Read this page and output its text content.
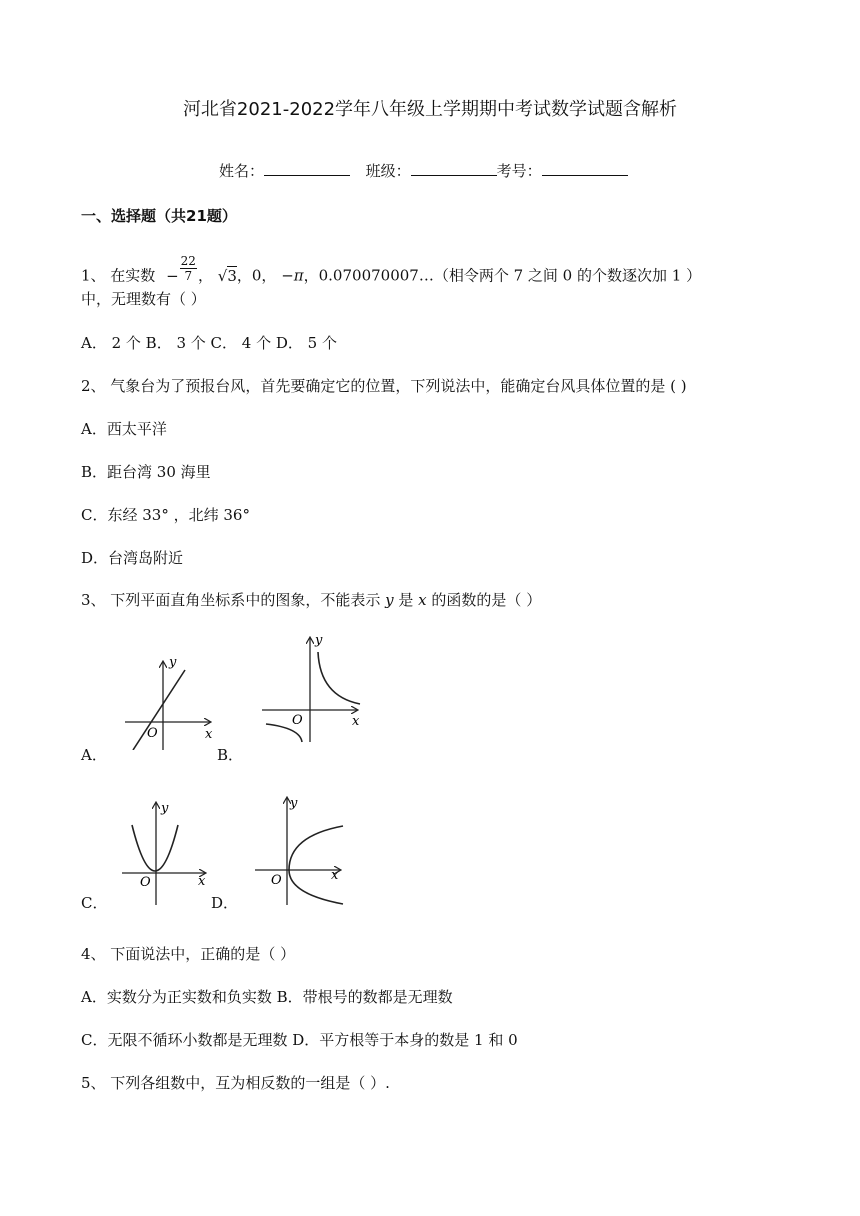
河北省2021-2022学年八年级上学期期中考试数学试题含解析
姓名：	班级：	考号：
一、选择题（共21题）
1、 在实数 − $\frac{22}{7}$ ， √3，0， −π，0.070070007…（相令两个 7 之间 0 的个数逐次加 1 ）
中，无理数有（ ）
A． 2 个 B． 3 个 C． 4 个 D． 5 个
2、 气象台为了预报台风，首先要确定它的位置，下列说法中，能确定台风具体位置的是 ( )
A．西太平洋
B．距台湾 30 海里
C．东经 33° ，北纬 36°
D．台湾岛附近
3、 下列平面直角坐标系中的图象，不能表示 y 是 x 的函数的是（ ）
A．	B．
C．	D．
y
x
O
y
x
O
y
x
O
y
x
O
4、 下面说法中，正确的是（ ）
A．实数分为正实数和负实数 B．带根号的数都是无理数
C．无限不循环小数都是无理数 D．平方根等于本身的数是 1 和 0
5、 下列各组数中，互为相反数的一组是（ ）.
